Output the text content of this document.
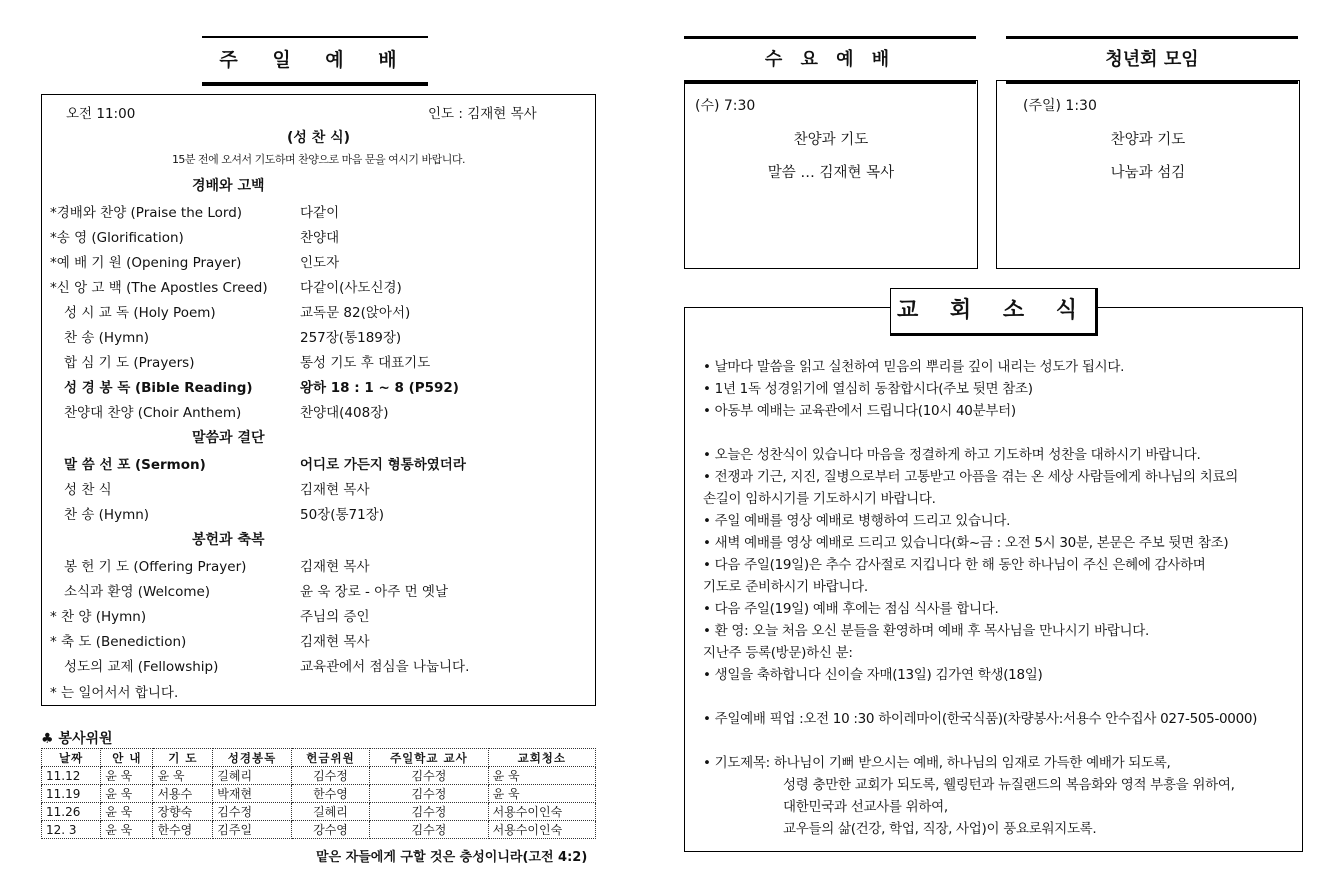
주 일 예 배
오전 11:00	인도 : 김재현 목사
(성 찬 식)
15분 전에 오셔서 기도하며 찬양으로 마음 문을 여시기 바랍니다.
경배와 고백
*경배와 찬양 (Praise the Lord)	다같이
*송 영 (Glorification)	찬양대
*예 배 기 원 (Opening Prayer)	인도자
*신 앙 고 백 (The Apostles Creed) 다같이(사도신경)
성 시 교 독 (Holy Poem)	교독문 82(앉아서)
찬 송 (Hymn)	257장(통189장)
합 심 기 도 (Prayers)	통성 기도 후 대표기도
성 경 봉 독 (Bible Reading)	왕하 18 : 1 ~ 8 (P592)
찬양대 찬양 (Choir Anthem)	찬양대(408장)
말씀과 결단
말 씀 선 포 (Sermon)	어디로 가든지 형통하였더라
성 찬 식	김재현 목사
찬 송 (Hymn)	50장(통71장)
봉헌과 축복
봉 헌 기 도 (Offering Prayer)	김재현 목사
소식과 환영 (Welcome)	윤 욱 장로 - 아주 먼 옛날
* 찬 양 (Hymn)	주님의 증인
* 축 도 (Benediction)	김재현 목사
성도의 교제 (Fellowship)	교육관에서 점심을 나눕니다.
* 는 일어서서 합니다.
♣ 봉사위원
날짜	안 내	기 도	성경봉독	헌금위원	주일학교 교사	교회청소
11.12	윤 욱	윤 욱	길혜리	김수정	김수정	윤 욱
11.19	윤 욱	서용수	박재현	한수영	김수정	윤 욱
11.26	윤 욱	장향숙	김수정	길혜리	김수정	서용수이인숙
12. 3	윤 욱	한수영	김주일	강수영	김수정	서용수이인숙
맡은 자들에게 구할 것은 충성이니라(고전 4:2)
수 요 예 배
(수) 7:30
찬양과 기도
말씀 … 김재현 목사
청년회 모임
(주일) 1:30
찬양과 기도
나눔과 섬김
• 날마다 말씀을 읽고 실천하여 믿음의 뿌리를 깊이 내리는 성도가 됩시다.
• 1년 1독 성경읽기에 열심히 동참합시다(주보 뒷면 참조)
• 아동부 예배는 교육관에서 드립니다(10시 40분부터)
• 오늘은 성찬식이 있습니다 마음을 정결하게 하고 기도하며 성찬을 대하시기 바랍니다.
• 전쟁과 기근, 지진, 질병으로부터 고통받고 아픔을 겪는 온 세상 사람들에게 하나님의 치료의
손길이 임하시기를 기도하시기 바랍니다.
• 주일 예배를 영상 예배로 병행하여 드리고 있습니다.
• 새벽 예배를 영상 예배로 드리고 있습니다(화~금 : 오전 5시 30분, 본문은 주보 뒷면 참조)
• 다음 주일(19일)은 추수 감사절로 지킵니다 한 해 동안 하나님이 주신 은혜에 감사하며
기도로 준비하시기 바랍니다.
• 다음 주일(19일) 예배 후에는 점심 식사를 합니다.
• 환 영: 오늘 처음 오신 분들을 환영하며 예배 후 목사님을 만나시기 바랍니다.
지난주 등록(방문)하신 분:
• 생일을 축하합니다 신이슬 자매(13일) 김가연 학생(18일)
• 주일예배 픽업 :오전 10 :30 하이레마이(한국식품)(차량봉사:서용수 안수집사 027-505-0000)
• 기도제목: 하나님이 기뻐 받으시는 예배, 하나님의 임재로 가득한 예배가 되도록,
성령 충만한 교회가 되도록, 웰링턴과 뉴질랜드의 복음화와 영적 부흥을 위하여,
대한민국과 선교사를 위하여,
교우들의 삶(건강, 학업, 직장, 사업)이 풍요로워지도록.
교 회 소 식
